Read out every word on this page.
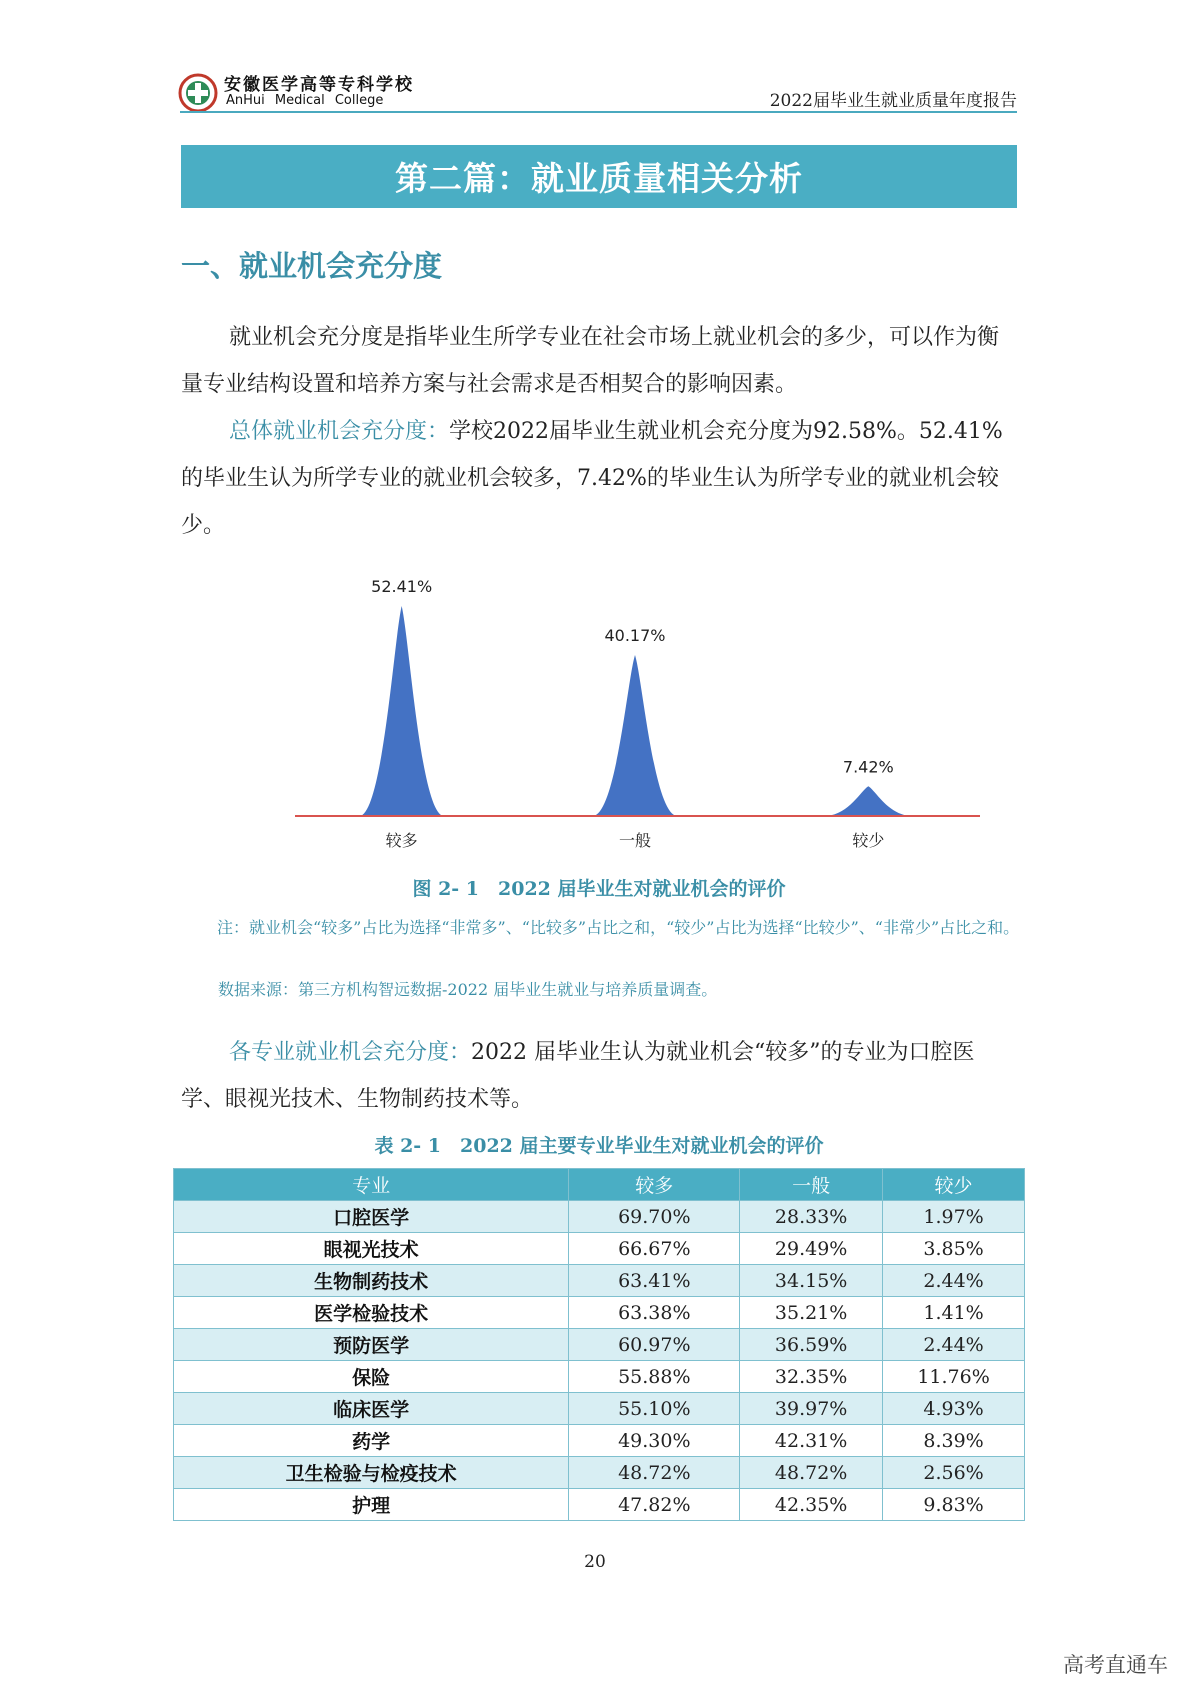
安徽医学高等专科学校
AnHui Medical College	2022届毕业生就业质量年度报告
第二篇：就业质量相关分析
一、就业机会充分度

就业机会充分度是指毕业生所学专业在社会市场上就业机会的多少，可以作为衡量专业结构设置和培养方案与社会需求是否相契合的影响因素。

总体就业机会充分度：学校2022届毕业生就业机会充分度为92.58%。52.41%的毕业生认为所学专业的就业机会较多，7.42%的毕业生认为所学专业的就业机会较少。

52.41%
较多
40.17%
一般
7.42%
较少
图 2- 1　2022 届毕业生对就业机会的评价

注：就业机会“较多”占比为选择“非常多”、“比较多”占比之和，“较少”占比为选择“比较少”、“非常少”占比之和。

数据来源：第三方机构智远数据-2022 届毕业生就业与培养质量调查。

各专业就业机会充分度：2022 届毕业生认为就业机会“较多”的专业为口腔医学、眼视光技术、生物制药技术等。

表 2- 1　2022 届主要专业毕业生对就业机会的评价
专业	较多	一般	较少
口腔医学	69.70%	28.33%	1.97%
眼视光技术	66.67%	29.49%	3.85%
生物制药技术	63.41%	34.15%	2.44%
医学检验技术	63.38%	35.21%	1.41%
预防医学	60.97%	36.59%	2.44%
保险	55.88%	32.35%	11.76%
临床医学	55.10%	39.97%	4.93%
药学	49.30%	42.31%	8.39%
卫生检验与检疫技术	48.72%	48.72%	2.56%
护理	47.82%	42.35%	9.83%
20
高考直通车
